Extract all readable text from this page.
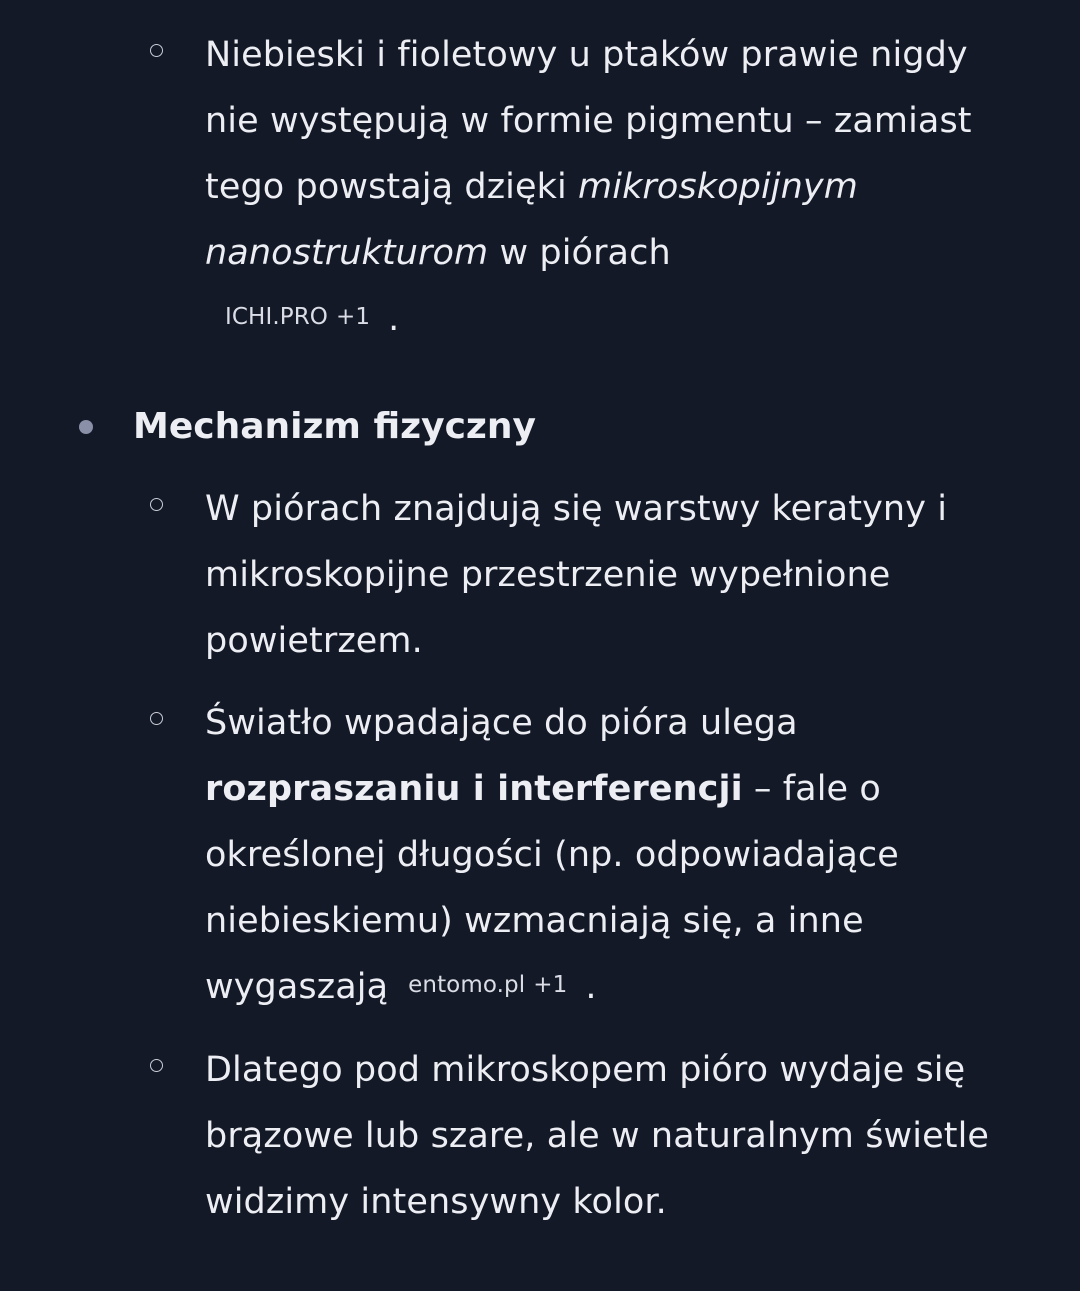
Niebieski i fioletowy u ptaków prawie nigdy nie występują w formie pigmentu – zamiast tego powstają dzięki mikroskopijnym nanostrukturom w piórach
ICHI.PRO +1 .
Mechanizm fizyczny
W piórach znajdują się warstwy keratyny i mikroskopijne przestrzenie wypełnione powietrzem.
Światło wpadające do pióra ulega rozpraszaniu i interferencji – fale o określonej długości (np. odpowiadające niebieskiemu) wzmacniają się, a inne wygaszają entomo.pl +1 .
Dlatego pod mikroskopem pióro wydaje się brązowe lub szare, ale w naturalnym świetle widzimy intensywny kolor.
